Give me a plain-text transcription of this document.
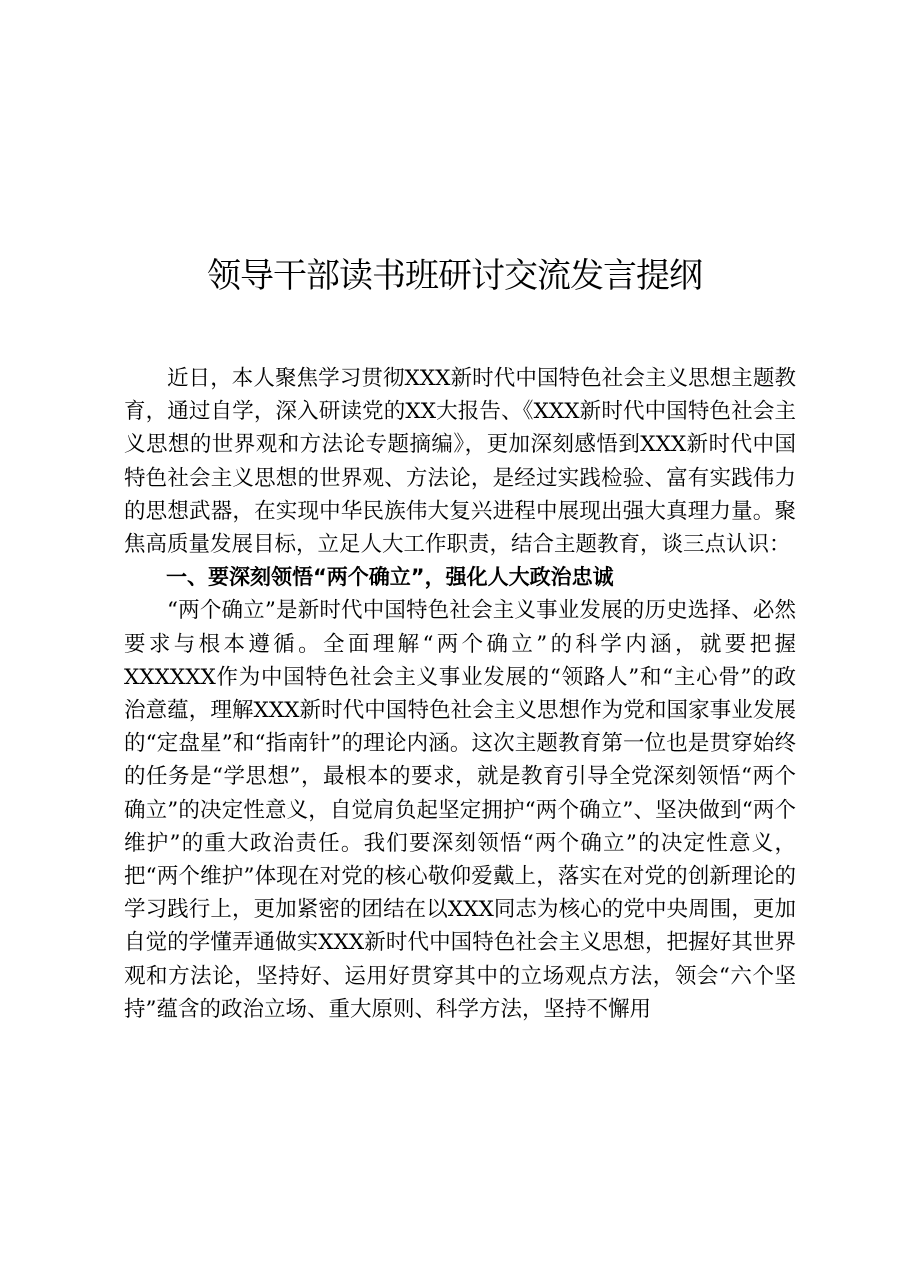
领导干部读书班研讨交流发言提纲

近日，本人聚焦学习贯彻XXX新时代中国特色社会主义思想主题教育，通过自学，深入研读党的XX大报告、《XXX新时代中国特色社会主义思想的世界观和方法论专题摘编》，更加深刻感悟到XXX新时代中国特色社会主义思想的世界观、方法论，是经过实践检验、富有实践伟力的思想武器，在实现中华民族伟大复兴进程中展现出强大真理力量。聚焦高质量发展目标，立足人大工作职责，结合主题教育，谈三点认识：

一、要深刻领悟“两个确立”，强化人大政治忠诚

“两个确立”是新时代中国特色社会主义事业发展的历史选择、必然要求与根本遵循。全面理解“两个确立”的科学内涵，就要把握XXXXXX作为中国特色社会主义事业发展的“领路人”和“主心骨”的政治意蕴，理解XXX新时代中国特色社会主义思想作为党和国家事业发展的“定盘星”和“指南针”的理论内涵。这次主题教育第一位也是贯穿始终的任务是“学思想”，最根本的要求，就是教育引导全党深刻领悟“两个确立”的决定性意义，自觉肩负起坚定拥护“两个确立”、坚决做到“两个维护”的重大政治责任。我们要深刻领悟“两个确立”的决定性意义，把“两个维护”体现在对党的核心敬仰爱戴上，落实在对党的创新理论的学习践行上，更加紧密的团结在以XXX同志为核心的党中央周围，更加自觉的学懂弄通做实XXX新时代中国特色社会主义思想，把握好其世界观和方法论，坚持好、运用好贯穿其中的立场观点方法，领会“六个坚持”蕴含的政治立场、重大原则、科学方法，坚持不懈用
